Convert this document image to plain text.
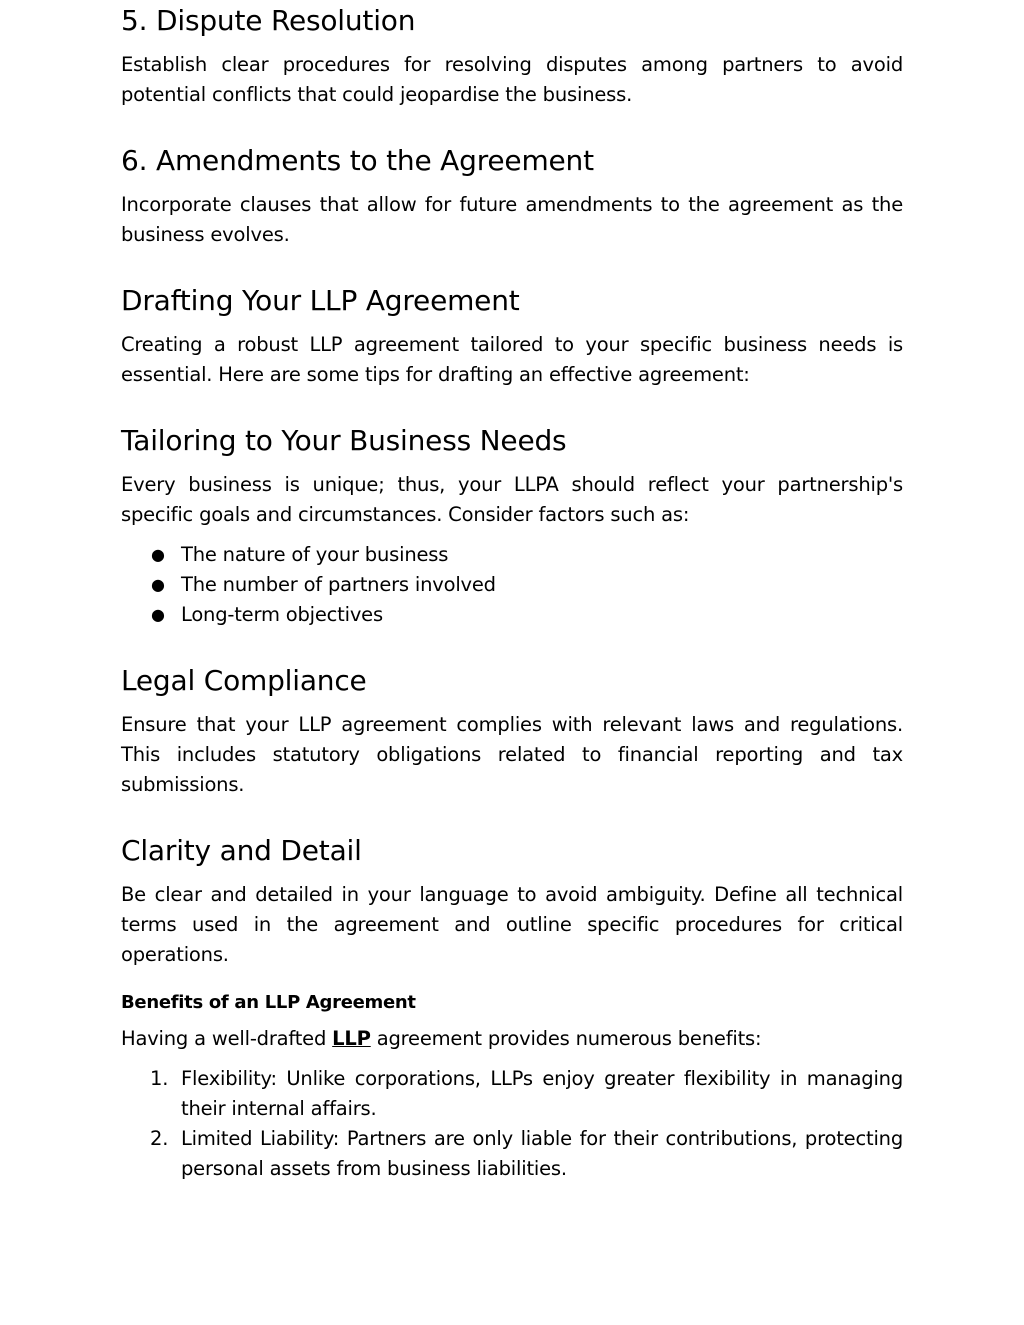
5. Dispute Resolution

Establish clear procedures for resolving disputes among partners to avoid potential conflicts that could jeopardise the business.

6. Amendments to the Agreement

Incorporate clauses that allow for future amendments to the agreement as the business evolves.

Drafting Your LLP Agreement

Creating a robust LLP agreement tailored to your specific business needs is essential. Here are some tips for drafting an effective agreement:

Tailoring to Your Business Needs

Every business is unique; thus, your LLPA should reflect your partnership's specific goals and circumstances. Consider factors such as:

● The nature of your business
● The number of partners involved
● Long-term objectives
Legal Compliance

Ensure that your LLP agreement complies with relevant laws and regulations. This includes statutory obligations related to financial reporting and tax submissions.

Clarity and Detail

Be clear and detailed in your language to avoid ambiguity. Define all technical terms used in the agreement and outline specific procedures for critical operations.

Benefits of an LLP Agreement

Having a well-drafted LLP agreement provides numerous benefits:

1. Flexibility: Unlike corporations, LLPs enjoy greater flexibility in managing their internal affairs.
2. Limited Liability: Partners are only liable for their contributions, protecting personal assets from business liabilities.
